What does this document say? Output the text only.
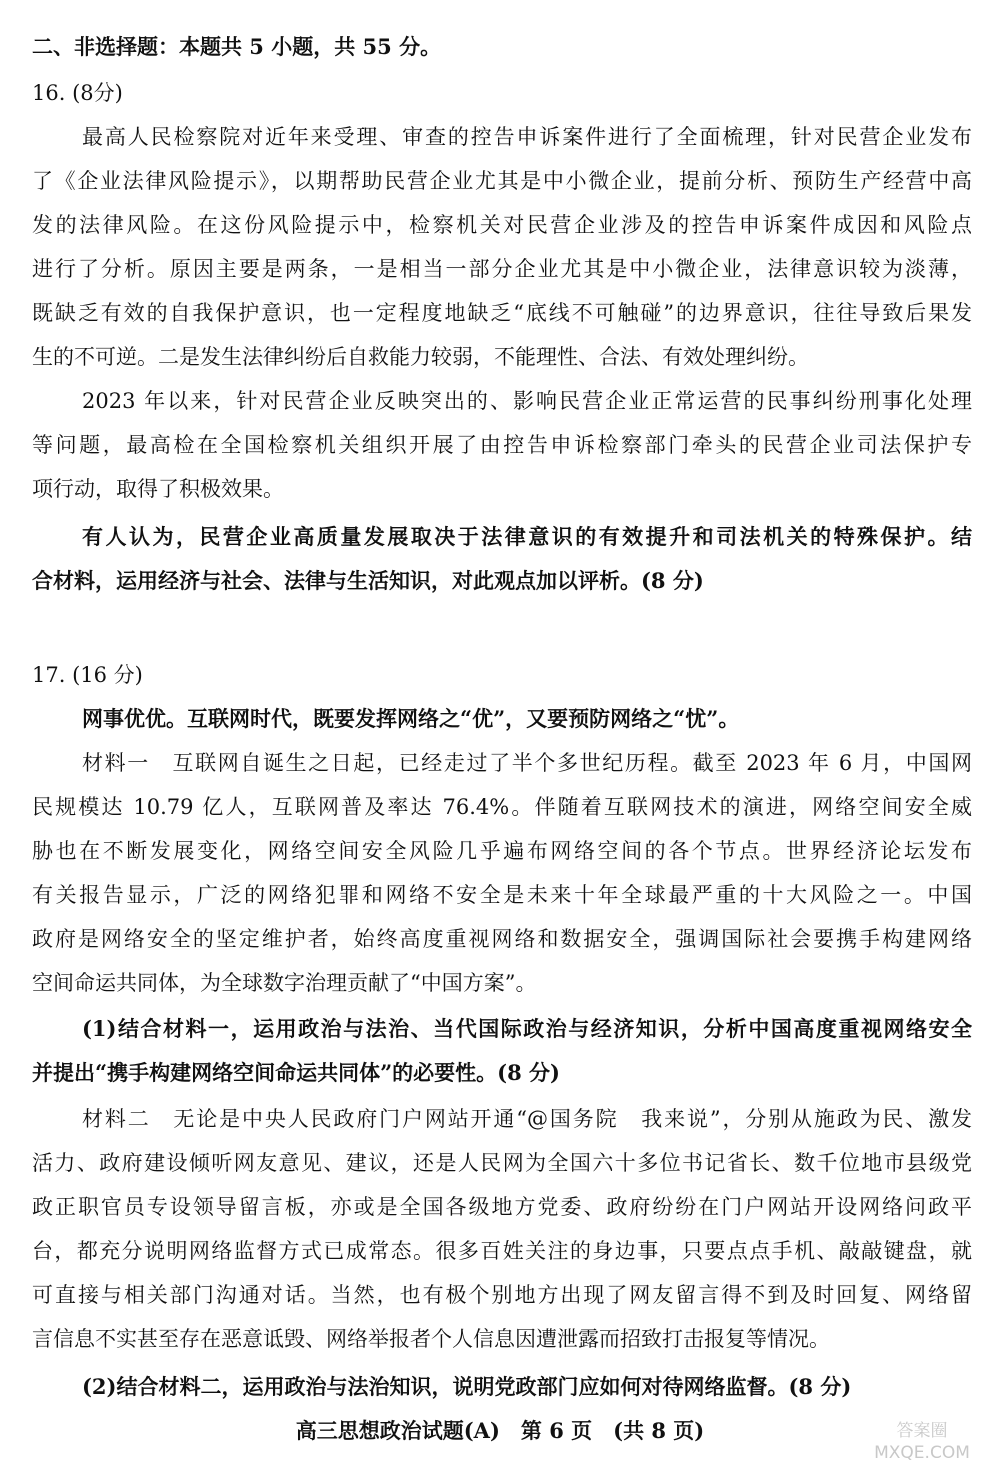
二、非选择题：本题共 5 小题，共 55 分。
16. (8分)
最高人民检察院对近年来受理、审查的控告申诉案件进行了全面梳理，针对民营企业发布
了《企业法律风险提示》，以期帮助民营企业尤其是中小微企业，提前分析、预防生产经营中高
发的法律风险。在这份风险提示中，检察机关对民营企业涉及的控告申诉案件成因和风险点
进行了分析。原因主要是两条，一是相当一部分企业尤其是中小微企业，法律意识较为淡薄，
既缺乏有效的自我保护意识，也一定程度地缺乏“底线不可触碰”的边界意识，往往导致后果发
生的不可逆。二是发生法律纠纷后自救能力较弱，不能理性、合法、有效处理纠纷。
2023 年以来，针对民营企业反映突出的、影响民营企业正常运营的民事纠纷刑事化处理
等问题，最高检在全国检察机关组织开展了由控告申诉检察部门牵头的民营企业司法保护专
项行动，取得了积极效果。
有人认为，民营企业高质量发展取决于法律意识的有效提升和司法机关的特殊保护。结
合材料，运用经济与社会、法律与生活知识，对此观点加以评析。(8 分)
17. (16 分)
网事优优。互联网时代，既要发挥网络之“优”，又要预防网络之“忧”。
材料一　互联网自诞生之日起，已经走过了半个多世纪历程。截至 2023 年 6 月，中国网
民规模达 10.79 亿人，互联网普及率达 76.4%。伴随着互联网技术的演进，网络空间安全威
胁也在不断发展变化，网络空间安全风险几乎遍布网络空间的各个节点。世界经济论坛发布
有关报告显示，广泛的网络犯罪和网络不安全是未来十年全球最严重的十大风险之一。中国
政府是网络安全的坚定维护者，始终高度重视网络和数据安全，强调国际社会要携手构建网络
空间命运共同体，为全球数字治理贡献了“中国方案”。
(1)结合材料一，运用政治与法治、当代国际政治与经济知识，分析中国高度重视网络安全
并提出“携手构建网络空间命运共同体”的必要性。(8 分)
材料二　无论是中央人民政府门户网站开通“@国务院　我来说”，分别从施政为民、激发
活力、政府建设倾听网友意见、建议，还是人民网为全国六十多位书记省长、数千位地市县级党
政正职官员专设领导留言板，亦或是全国各级地方党委、政府纷纷在门户网站开设网络问政平
台，都充分说明网络监督方式已成常态。很多百姓关注的身边事，只要点点手机、敲敲键盘，就
可直接与相关部门沟通对话。当然，也有极个别地方出现了网友留言得不到及时回复、网络留
言信息不实甚至存在恶意诋毁、网络举报者个人信息因遭泄露而招致打击报复等情况。
(2)结合材料二，运用政治与法治知识，说明党政部门应如何对待网络监督。(8 分)
高三思想政治试题(A)　第 6 页　(共 8 页)	答案圈 MXQE.COM
